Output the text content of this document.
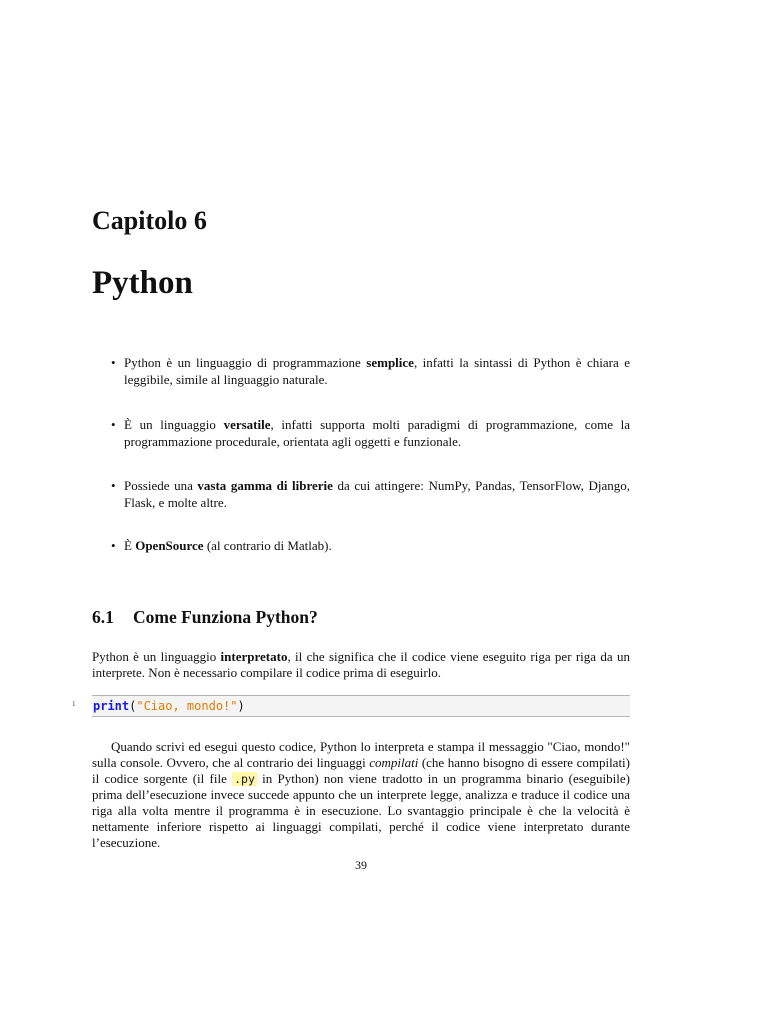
Capitolo 6
Python
• Python è un linguaggio di programmazione semplice, infatti la sintassi di Python è chiara e leggibile, simile al linguaggio naturale.
• È un linguaggio versatile, infatti supporta molti paradigmi di programmazione, come la programmazione procedurale, orientata agli oggetti e funzionale.
• Possiede una vasta gamma di librerie da cui attingere: NumPy, Pandas, TensorFlow, Django, Flask, e molte altre.
• È OpenSource (al contrario di Matlab).
6.1 Come Funziona Python?

Python è un linguaggio interpretato, il che significa che il codice viene eseguito riga per riga da un interprete. Non è necessario compilare il codice prima di eseguirlo.

1 print("Ciao, mondo!")

Quando scrivi ed esegui questo codice, Python lo interpreta e stampa il messaggio "Ciao, mondo!" sulla console. Ovvero, che al contrario dei linguaggi compilati (che hanno bisogno di essere compilati) il codice sorgente (il file .py in Python) non viene tradotto in un programma binario (eseguibile) prima dell’esecuzione invece succede appunto che un interprete legge, analizza e traduce il codice una riga alla volta mentre il programma è in esecuzione. Lo svantaggio principale è che la velocità è nettamente inferiore rispetto ai linguaggi compilati, perché il codice viene interpretato durante l’esecuzione.

39
